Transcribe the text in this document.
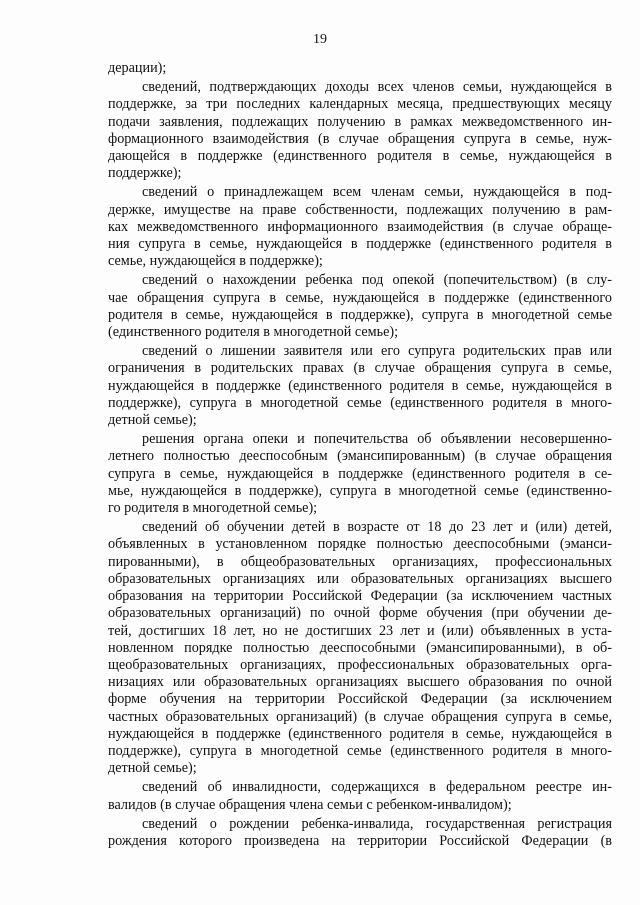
19
дерации);
сведений, подтверждающих доходы всех членов семьи, нуждающейся в
поддержке, за три последних календарных месяца, предшествующих месяцу
подачи заявления, подлежащих получению в рамках межведомственного ин-
формационного взаимодействия (в случае обращения супруга в семье, нуж-
дающейся в поддержке (единственного родителя в семье, нуждающейся в
поддержке);
сведений о принадлежащем всем членам семьи, нуждающейся в под-
держке, имуществе на праве собственности, подлежащих получению в рам-
ках межведомственного информационного взаимодействия (в случае обраще-
ния супруга в семье, нуждающейся в поддержке (единственного родителя в
семье, нуждающейся в поддержке);
сведений о нахождении ребенка под опекой (попечительством) (в слу-
чае обращения супруга в семье, нуждающейся в поддержке (единственного
родителя в семье, нуждающейся в поддержке), супруга в многодетной семье
(единственного родителя в многодетной семье);
сведений о лишении заявителя или его супруга родительских прав или
ограничения в родительских правах (в случае обращения супруга в семье,
нуждающейся в поддержке (единственного родителя в семье, нуждающейся в
поддержке), супруга в многодетной семье (единственного родителя в много-
детной семье);
решения органа опеки и попечительства об объявлении несовершенно-
летнего полностью дееспособным (эмансипированным) (в случае обращения
супруга в семье, нуждающейся в поддержке (единственного родителя в се-
мье, нуждающейся в поддержке), супруга в многодетной семье (единственно-
го родителя в многодетной семье);
сведений об обучении детей в возрасте от 18 до 23 лет и (или) детей,
объявленных в установленном порядке полностью дееспособными (эманси-
пированными), в общеобразовательных организациях, профессиональных
образовательных организациях или образовательных организациях высшего
образования на территории Российской Федерации (за исключением частных
образовательных организаций) по очной форме обучения (при обучении де-
тей, достигших 18 лет, но не достигших 23 лет и (или) объявленных в уста-
новленном порядке полностью дееспособными (эмансипированными), в об-
щеобразовательных организациях, профессиональных образовательных орга-
низациях или образовательных организациях высшего образования по очной
форме обучения на территории Российской Федерации (за исключением
частных образовательных организаций) (в случае обращения супруга в семье,
нуждающейся в поддержке (единственного родителя в семье, нуждающейся в
поддержке), супруга в многодетной семье (единственного родителя в много-
детной семье);
сведений об инвалидности, содержащихся в федеральном реестре ин-
валидов (в случае обращения члена семьи с ребенком-инвалидом);
сведений о рождении ребенка-инвалида, государственная регистрация
рождения которого произведена на территории Российской Федерации (в
